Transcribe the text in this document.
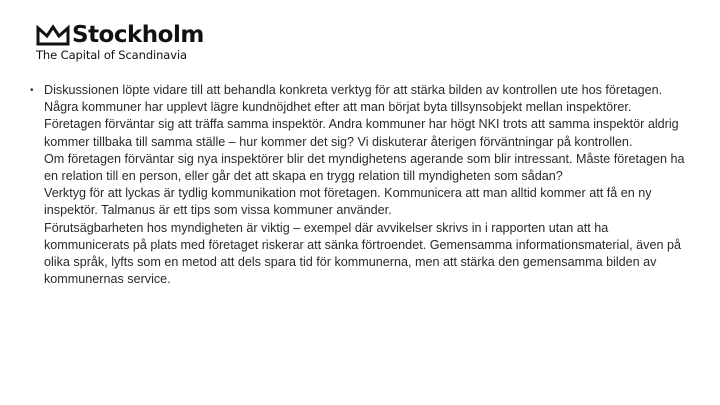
Stockholm
The Capital of Scandinavia
• Diskussionen löpte vidare till att behandla konkreta verktyg för att stärka bilden av kontrollen ute hos företagen. Några kommuner har upplevt lägre kundnöjdhet efter att man börjat byta tillsynsobjekt mellan inspektörer. Företagen förväntar sig att träffa samma inspektör. Andra kommuner har högt NKI trots att samma inspektör aldrig kommer tillbaka till samma ställe – hur kommer det sig? Vi diskuterar återigen förväntningar på kontrollen.

Om företagen förväntar sig nya inspektörer blir det myndighetens agerande som blir intressant. Måste företagen ha en relation till en person, eller går det att skapa en trygg relation till myndigheten som sådan?

Verktyg för att lyckas är tydlig kommunikation mot företagen. Kommunicera att man alltid kommer att få en ny inspektör. Talmanus är ett tips som vissa kommuner använder.

Förutsägbarheten hos myndigheten är viktig – exempel där avvikelser skrivs in i rapporten utan att ha kommunicerats på plats med företaget riskerar att sänka förtroendet. Gemensamma informationsmaterial, även på olika språk, lyfts som en metod att dels spara tid för kommunerna, men att stärka den gemensamma bilden av kommunernas service.
